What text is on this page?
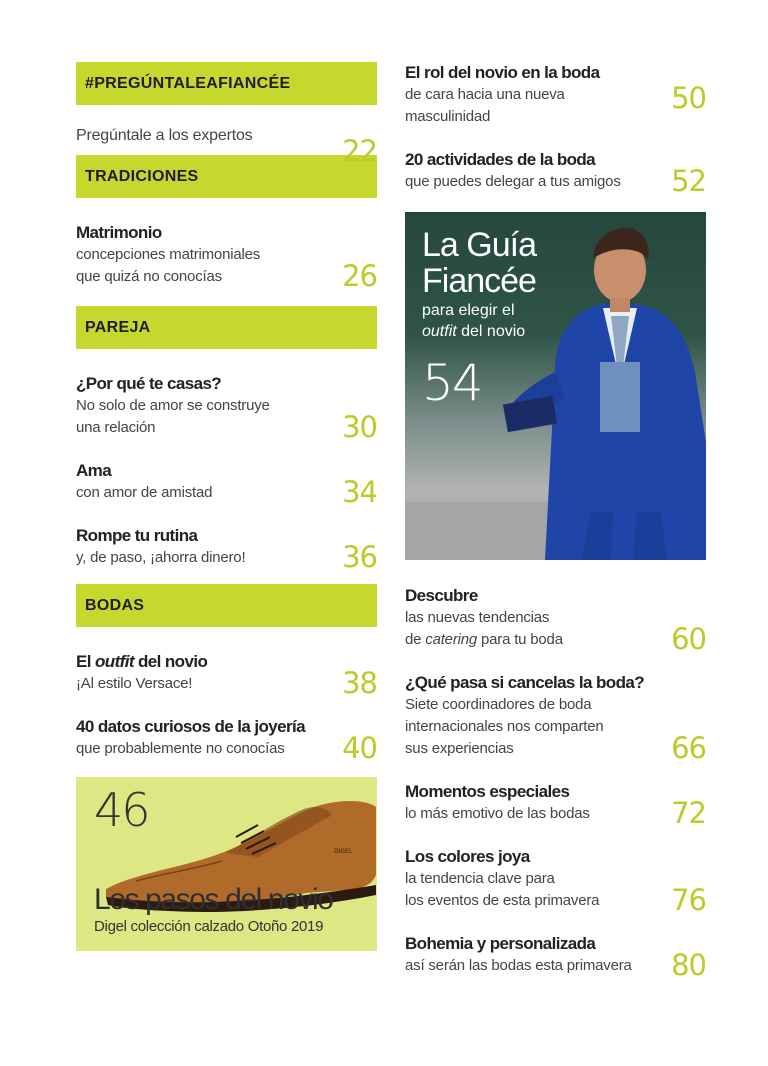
#PREGÚNTALEAFIANCÉE
Pregúntale a los expertos	22
TRADICIONES
Matrimonio
concepciones matrimoniales
que quizá no conocías	26
PAREJA
¿Por qué te casas?
No solo de amor se construye
una relación	30
Ama
con amor de amistad	34
Rompe tu rutina
y, de paso, ¡ahorra dinero!	36
BODAS
El outfit del novio
¡Al estilo Versace!	38
40 datos curiosos de la joyería
que probablemente no conocías	40
DIGEL
46
Los pasos del novio
Digel colección calzado Otoño 2019
El rol del novio en la boda
de cara hacia una nueva
masculinidad
50
20 actividades de la boda
que puedes delegar a tus amigos	52
La Guía
Fiancée
para elegir el
outfit del novio
54
Descubre
las nuevas tendencias
de catering para tu boda	60
¿Qué pasa si cancelas la boda?
Siete coordinadores de boda
internacionales nos comparten
sus experiencias	66
Momentos especiales
lo más emotivo de las bodas	72
Los colores joya
la tendencia clave para
los eventos de esta primavera	76
Bohemia y personalizada
así serán las bodas esta primavera	80
